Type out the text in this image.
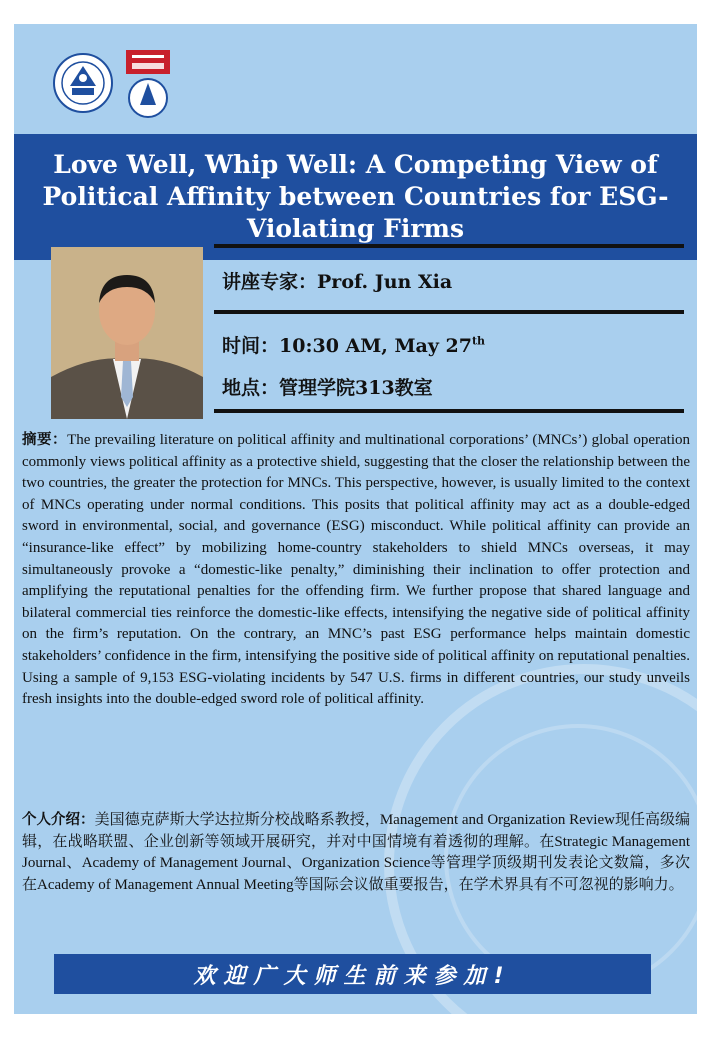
Love Well, Whip Well: A Competing View of Political Affinity between Countries for ESG-Violating Firms
讲座专家：Prof. Jun Xia
时间：10:30 AM, May 27th
地点：管理学院313教室
摘要：The prevailing literature on political affinity and multinational corporations’ (MNCs’) global operation commonly views political affinity as a protective shield, suggesting that the closer the relationship between the two countries, the greater the protection for MNCs. This perspective, however, is usually limited to the context of MNCs operating under normal conditions. This posits that political affinity may act as a double-edged sword in environmental, social, and governance (ESG) misconduct. While political affinity can provide an “insurance-like effect” by mobilizing home-country stakeholders to shield MNCs overseas, it may simultaneously provoke a “domestic-like penalty,” diminishing their inclination to offer protection and amplifying the reputational penalties for the offending firm. We further propose that shared language and bilateral commercial ties reinforce the domestic-like effects, intensifying the negative side of political affinity on the firm’s reputation. On the contrary, an MNC’s past ESG performance helps maintain domestic stakeholders’ confidence in the firm, intensifying the positive side of political affinity on reputational penalties. Using a sample of 9,153 ESG-violating incidents by 547 U.S. firms in different countries, our study unveils fresh insights into the double-edged sword role of political affinity.
个人介绍：美国德克萨斯大学达拉斯分校战略系教授，Management and Organization Review现任高级编辑，在战略联盟、企业创新等领域开展研究，并对中国情境有着透彻的理解。在Strategic Management Journal、Academy of Management Journal、Organization Science等管理学顶级期刊发表论文数篇，多次在Academy of Management Annual Meeting等国际会议做重要报告，在学术界具有不可忽视的影响力。
欢迎广大师生前来参加!
